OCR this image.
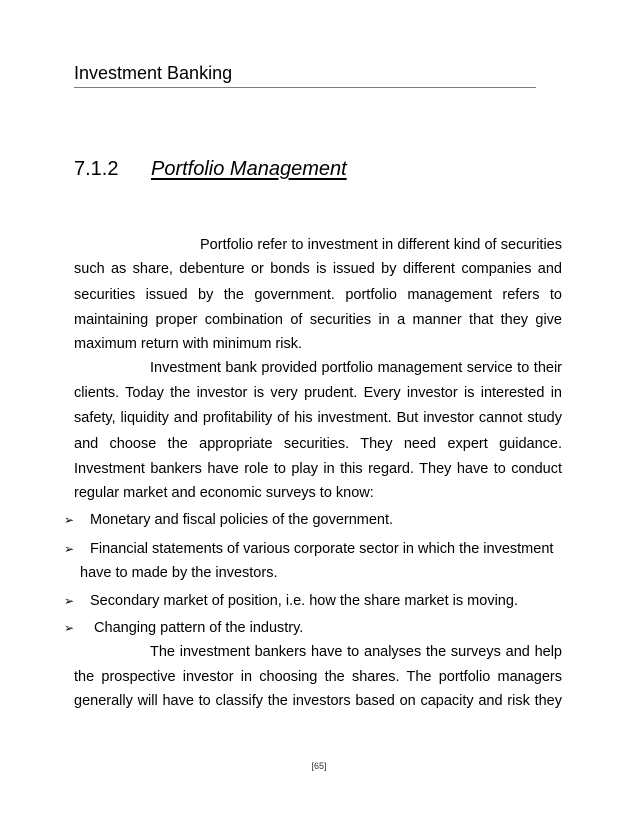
Investment Banking
7.1.2 Portfolio Management
Portfolio refer to investment in different kind of securities
such as share, debenture or bonds is issued by different companies and
securities issued by the government. portfolio management refers to
maintaining proper combination of securities in a manner that they give
maximum return with minimum risk.
Investment bank provided portfolio management service to their
clients. Today the investor is very prudent. Every investor is interested in
safety, liquidity and profitability of his investment. But investor cannot study
and choose the appropriate securities. They need expert guidance.
Investment bankers have role to play in this regard. They have to conduct
regular market and economic surveys to know:
➢ Monetary and fiscal policies of the government.
➢ Financial statements of various corporate sector in which the investment
have to made by the investors.
➢ Secondary market of position, i.e. how the share market is moving.
➢ Changing pattern of the industry.
The investment bankers have to analyses the surveys and help
the prospective investor in choosing the shares. The portfolio managers
generally will have to classify the investors based on capacity and risk they
[65]
